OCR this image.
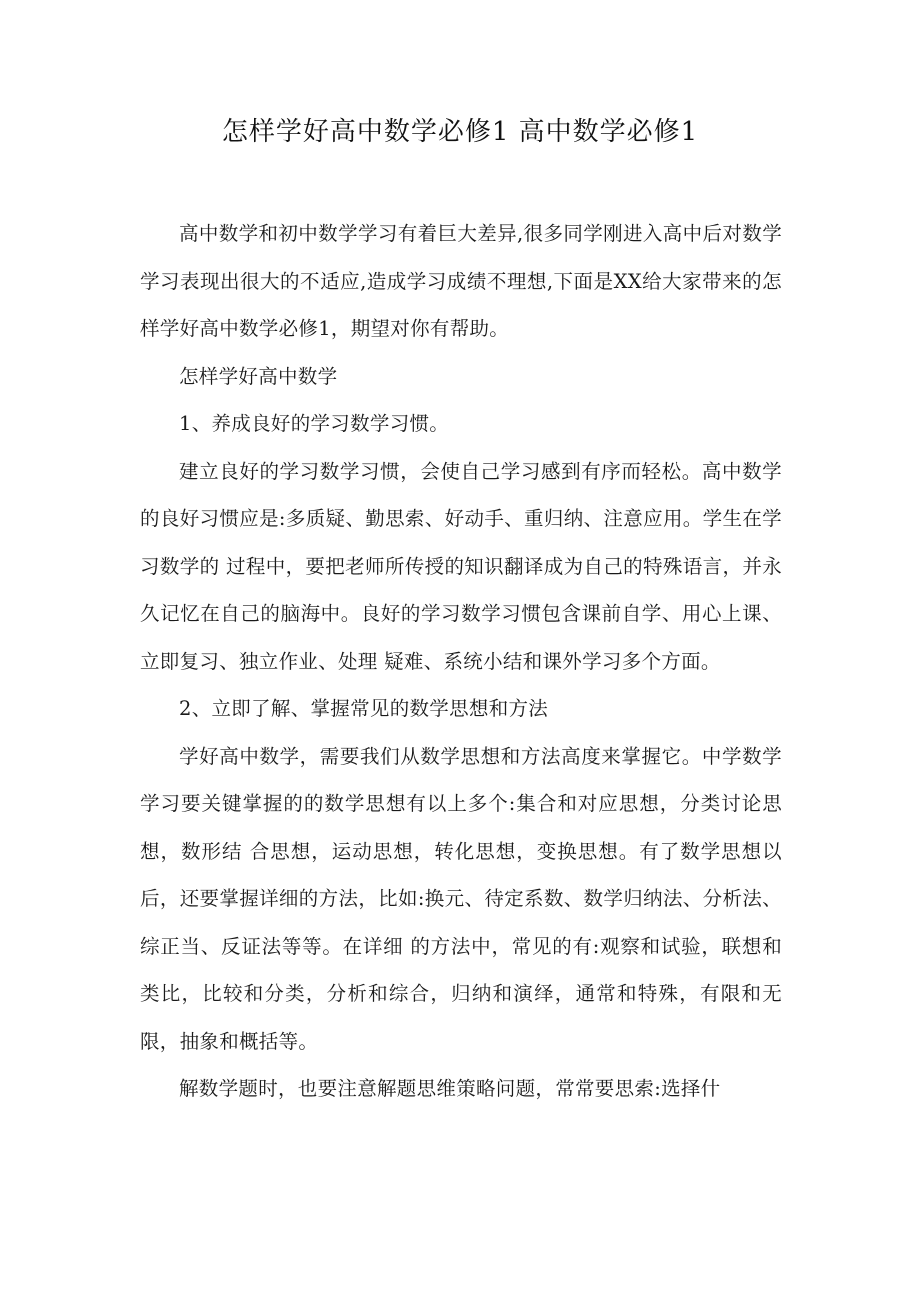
怎样学好高中数学必修1 高中数学必修1

高中数学和初中数学学习有着巨大差异,很多同学刚进入高中后对数学学习表现出很大的不适应,造成学习成绩不理想,下面是XX给大家带来的怎样学好高中数学必修1，期望对你有帮助。

怎样学好高中数学

1、养成良好的学习数学习惯。

建立良好的学习数学习惯，会使自己学习感到有序而轻松。高中数学的良好习惯应是:多质疑、勤思索、好动手、重归纳、注意应用。学生在学习数学的 过程中，要把老师所传授的知识翻译成为自己的特殊语言，并永久记忆在自己的脑海中。良好的学习数学习惯包含课前自学、用心上课、立即复习、独立作业、处理 疑难、系统小结和课外学习多个方面。

2、立即了解、掌握常见的数学思想和方法

学好高中数学，需要我们从数学思想和方法高度来掌握它。中学数学学习要关键掌握的的数学思想有以上多个:集合和对应思想，分类讨论思想，数形结 合思想，运动思想，转化思想，变换思想。有了数学思想以后，还要掌握详细的方法，比如:换元、待定系数、数学归纳法、分析法、综正当、反证法等等。在详细 的方法中，常见的有:观察和试验，联想和类比，比较和分类，分析和综合，归纳和演绎，通常和特殊，有限和无限，抽象和概括等。

解数学题时，也要注意解题思维策略问题，常常要思索:选择什
